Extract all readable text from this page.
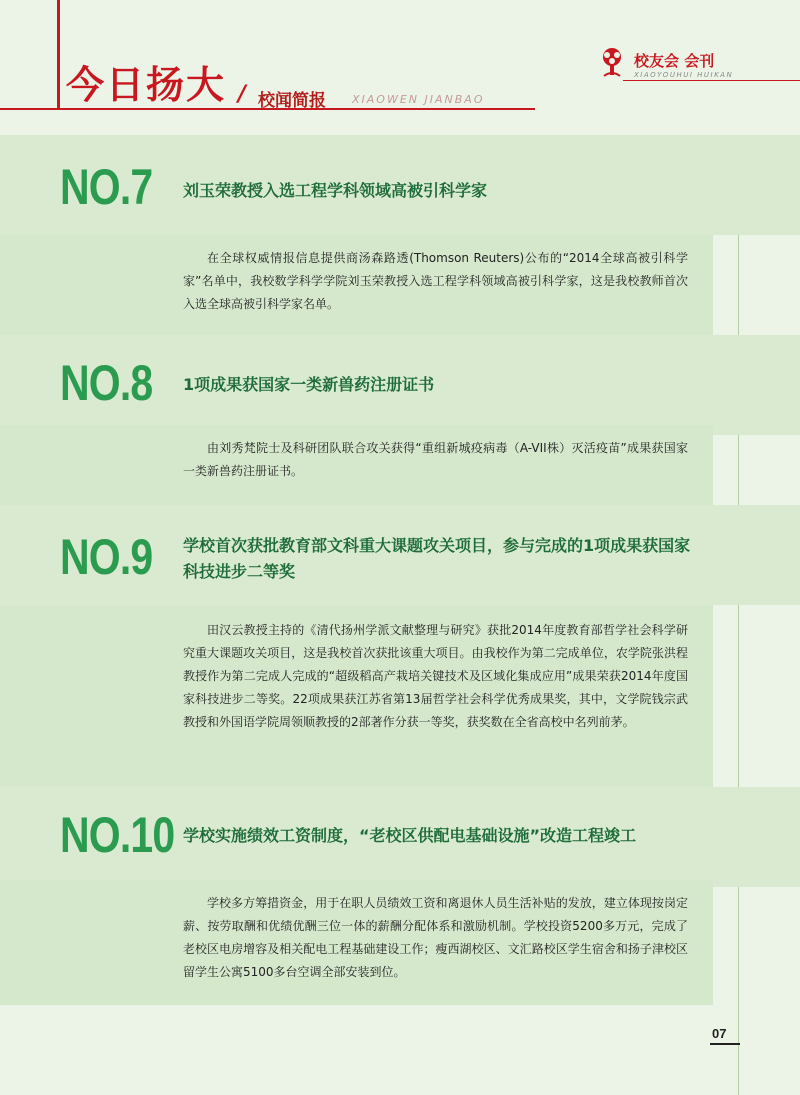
今日扬大 / 校闻简报 XIAOWEN JIANBAO
校友会 会刊
XIAOYOUHUI HUIKAN
NO.7 刘玉荣教授入选工程学科领域高被引科学家

在全球权威情报信息提供商汤森路透(Thomson Reuters)公布的“2014全球高被引科学家”名单中，我校数学科学学院刘玉荣教授入选工程学科领域高被引科学家，这是我校教师首次入选全球高被引科学家名单。

NO.8 1项成果获国家一类新兽药注册证书

由刘秀梵院士及科研团队联合攻关获得“重组新城疫病毒（A-VII株）灭活疫苗”成果获国家一类新兽药注册证书。

NO.9 学校首次获批教育部文科重大课题攻关项目，参与完成的1项成果获国家科技进步二等奖

田汉云教授主持的《清代扬州学派文献整理与研究》获批2014年度教育部哲学社会科学研究重大课题攻关项目，这是我校首次获批该重大项目。由我校作为第二完成单位，农学院张洪程教授作为第二完成人完成的“超级稻高产栽培关键技术及区域化集成应用”成果荣获2014年度国家科技进步二等奖。22项成果获江苏省第13届哲学社会科学优秀成果奖，其中，文学院钱宗武教授和外国语学院周领顺教授的2部著作分获一等奖，获奖数在全省高校中名列前茅。

NO.10 学校实施绩效工资制度，“老校区供配电基础设施”改造工程竣工

学校多方筹措资金，用于在职人员绩效工资和离退休人员生活补贴的发放，建立体现按岗定薪、按劳取酬和优绩优酬三位一体的薪酬分配体系和激励机制。学校投资5200多万元，完成了老校区电房增容及相关配电工程基础建设工作；瘦西湖校区、文汇路校区学生宿舍和扬子津校区留学生公寓5100多台空调全部安装到位。

07
